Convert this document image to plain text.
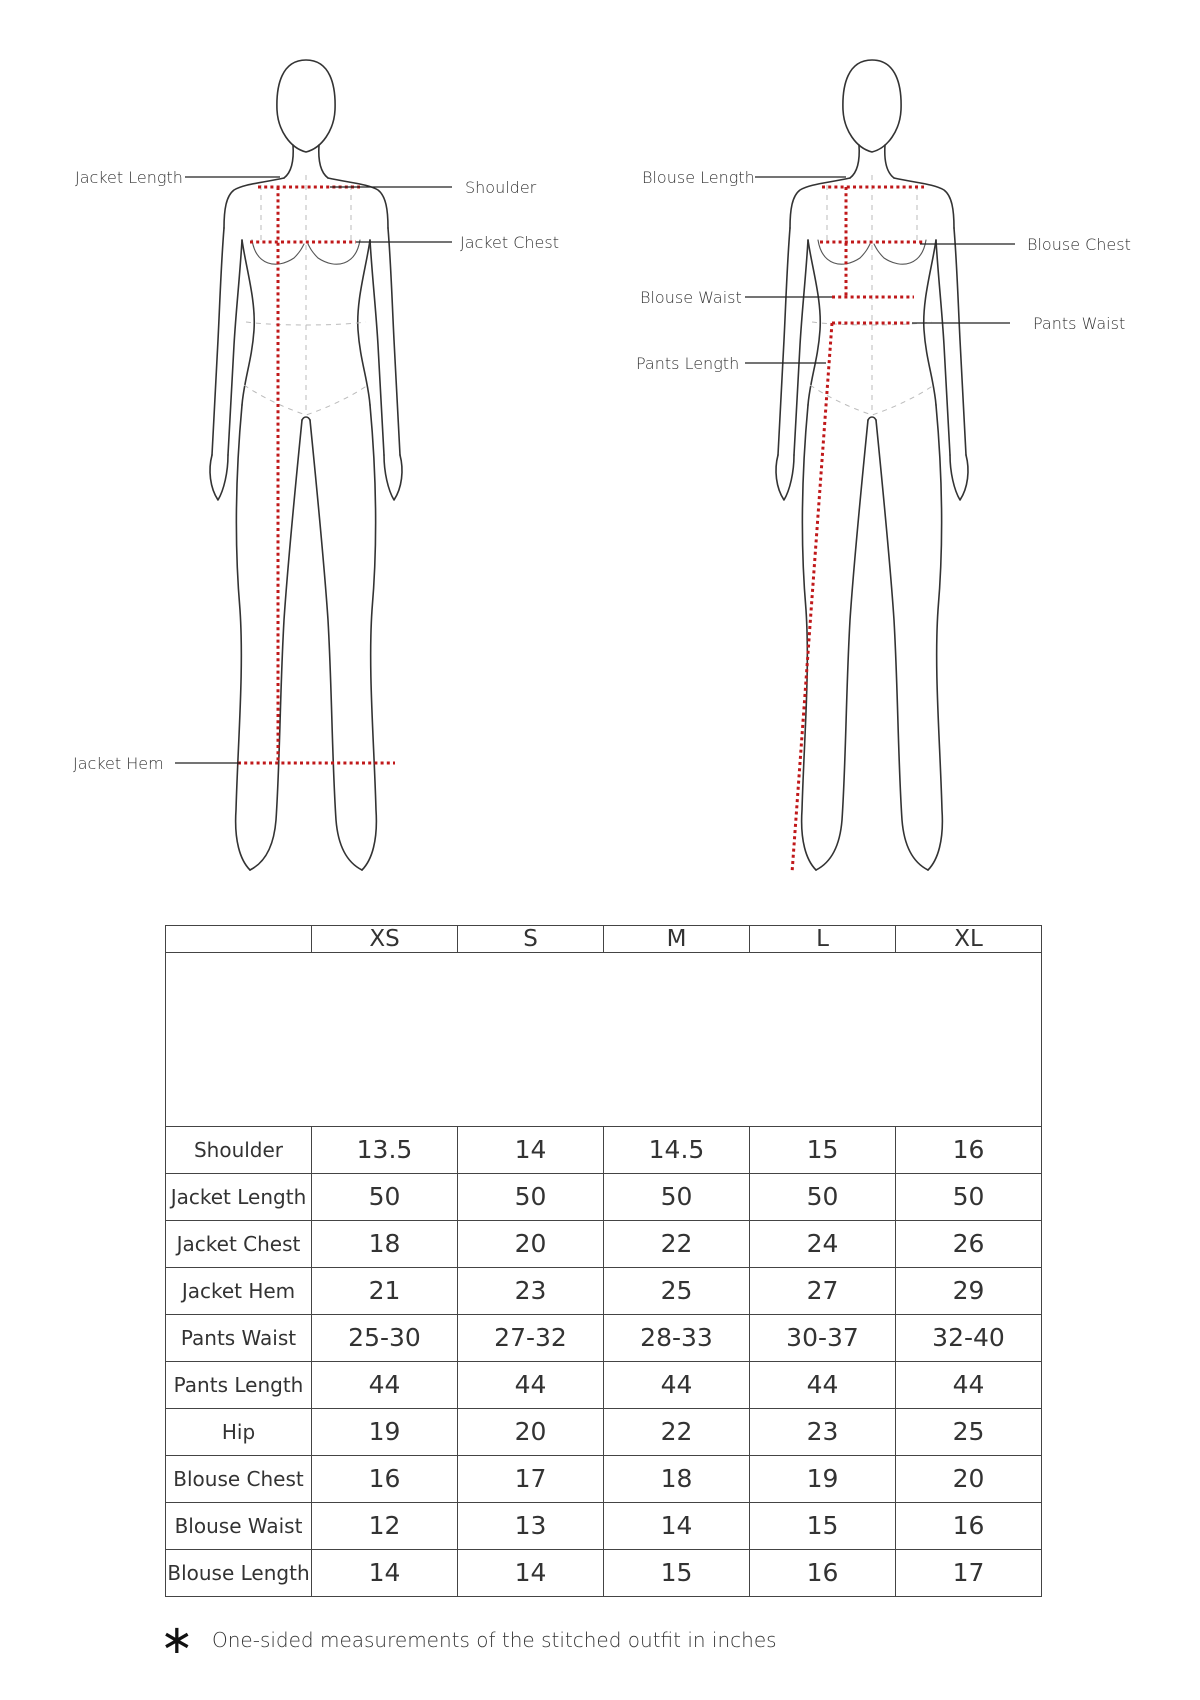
Jacket Length
Shoulder
Jacket Chest
Jacket Hem
Blouse Length
Blouse Chest
Blouse Waist
Pants Waist
Pants Length

	XS	S	M	L	XL
Shoulder	13.5	14	14.5	15	16
Jacket Length	50	50	50	50	50
Jacket Chest	18	20	22	24	26
Jacket Hem	21	23	25	27	29
Pants Waist	25-30	27-32	28-33	30-37	32-40
Pants Length	44	44	44	44	44
Hip	19	20	22	23	25
Blouse Chest	16	17	18	19	20
Blouse Waist	12	13	14	15	16
Blouse Length	14	14	15	16	17
∗ One-sided measurements of the stitched outfit in inches
